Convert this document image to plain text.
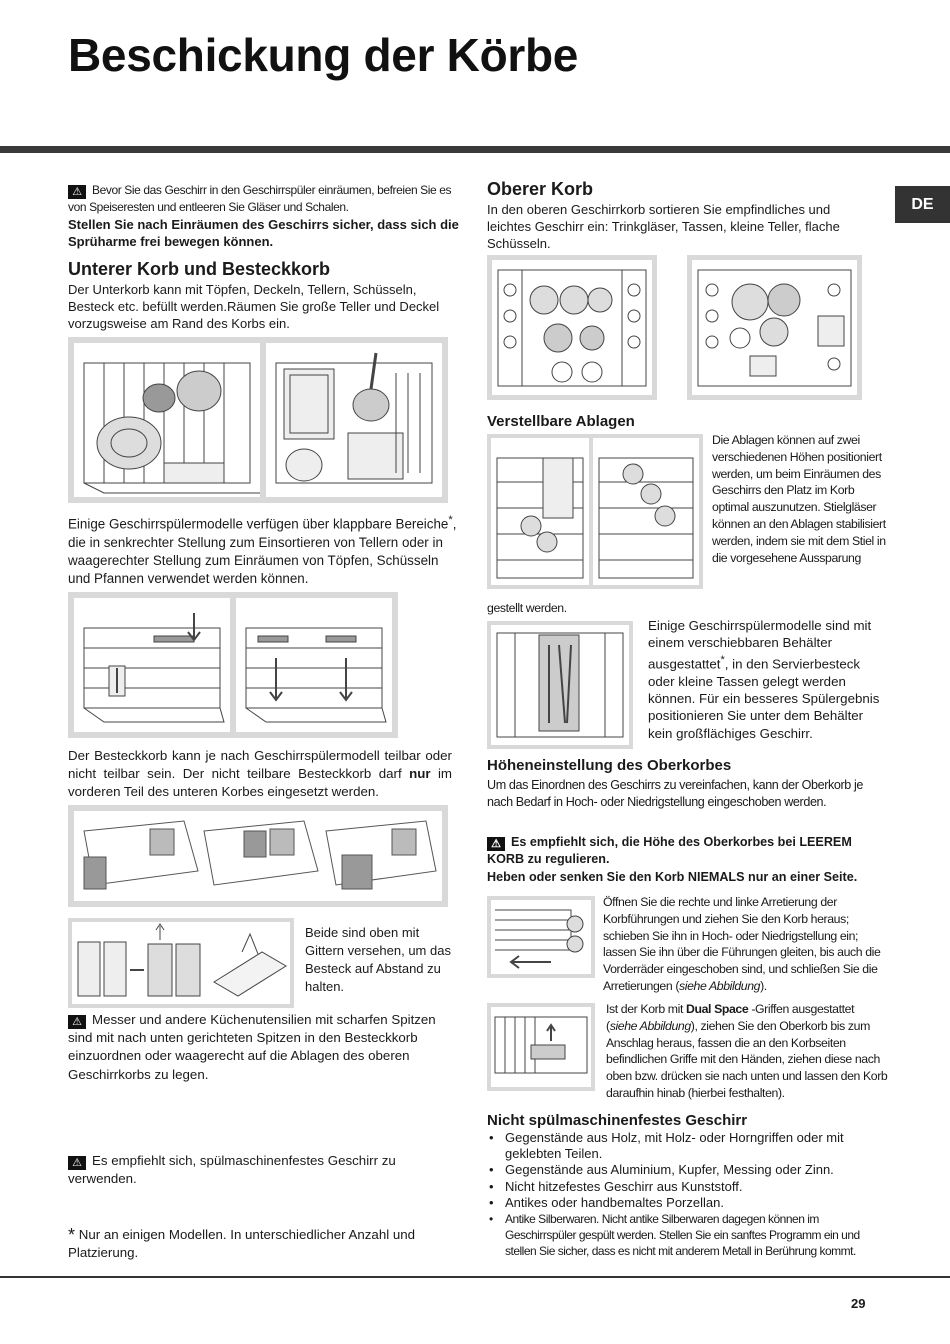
Beschickung der Körbe
DE
⚠ Bevor Sie das Geschirr in den Geschirrspüler einräumen, befreien Sie es von Speiseresten und entleeren Sie Gläser und Schalen.
Stellen Sie nach Einräumen des Geschirrs sicher, dass sich die Sprüharme frei bewegen können.
Unterer Korb und Besteckkorb
Der Unterkorb kann mit Töpfen, Deckeln, Tellern, Schüsseln, Besteck etc. befüllt werden.Räumen Sie große Teller und Deckel vorzugsweise am Rand des Korbs ein.
Einige Geschirrspülermodelle verfügen über klappbare Bereiche*, die in senkrechter Stellung zum Einsortieren von Tellern oder in waagerechter Stellung zum Einräumen von Töpfen, Schüsseln und Pfannen verwendet werden können.
Der Besteckkorb kann je nach Geschirrspülermodell teilbar oder nicht teilbar sein. Der nicht teilbare Besteckkorb darf nur im vorderen Teil des unteren Korbes eingesetzt werden.
Beide sind oben mit Gittern versehen, um das Besteck auf Abstand zu halten.
⚠ Messer und andere Küchenutensilien mit scharfen Spitzen sind mit nach unten gerichteten Spitzen in den Besteckkorb einzuordnen oder waagerecht auf die Ablagen des oberen Geschirrkorbs zu legen.
⚠ Es empfiehlt sich, spülmaschinenfestes Geschirr zu verwenden.
* Nur an einigen Modellen. In unterschiedlicher Anzahl und Platzierung.
Oberer Korb
In den oberen Geschirrkorb sortieren Sie empfindliches und leichtes Geschirr ein: Trinkgläser, Tassen, kleine Teller, flache Schüsseln.
Verstellbare Ablagen
Die Ablagen können auf zwei verschiedenen Höhen positioniert werden, um beim Einräumen des Geschirrs den Platz im Korb optimal auszunutzen. Stielgläser können an den Ablagen stabilisiert werden, indem sie mit dem Stiel in die vorgesehene Aussparung
gestellt werden.
Einige Geschirrspülermodelle sind mit einem verschiebbaren Behälter ausgestattet*, in den Servierbesteck oder kleine Tassen gelegt werden können. Für ein besseres Spülergebnis positionieren Sie unter dem Behälter kein großflächiges Geschirr.
Höheneinstellung des Oberkorbes
Um das Einordnen des Geschirrs zu vereinfachen, kann der Oberkorb je nach Bedarf in Hoch- oder Niedrigstellung eingeschoben werden.
⚠ Es empfiehlt sich, die Höhe des Oberkorbes bei LEEREM KORB zu regulieren.
Heben oder senken Sie den Korb NIEMALS nur an einer Seite.
Öffnen Sie die rechte und linke Arretierung der Korbführungen und ziehen Sie den Korb heraus; schieben Sie ihn in Hoch- oder Niedrigstellung ein; lassen Sie ihn über die Führungen gleiten, bis auch die Vorderräder eingeschoben sind, und schließen Sie die Arretierungen (siehe Abbildung).
Ist der Korb mit Dual Space -Griffen ausgestattet (siehe Abbildung), ziehen Sie den Oberkorb bis zum Anschlag heraus, fassen die an den Korbseiten befindlichen Griffe mit den Händen, ziehen diese nach oben bzw. drücken sie nach unten und lassen den Korb daraufhin hinab (hierbei festhalten).
Nicht spülmaschinenfestes Geschirr
• Gegenstände aus Holz, mit Holz- oder Horngriffen oder mit geklebten Teilen.
• Gegenstände aus Aluminium, Kupfer, Messing oder Zinn.
• Nicht hitzefestes Geschirr aus Kunststoff.
• Antikes oder handbemaltes Porzellan.
• Antike Silberwaren. Nicht antike Silberwaren dagegen können im Geschirrspüler gespült werden. Stellen Sie ein sanftes Programm ein und stellen Sie sicher, dass es nicht mit anderem Metall in Berührung kommt.
29
